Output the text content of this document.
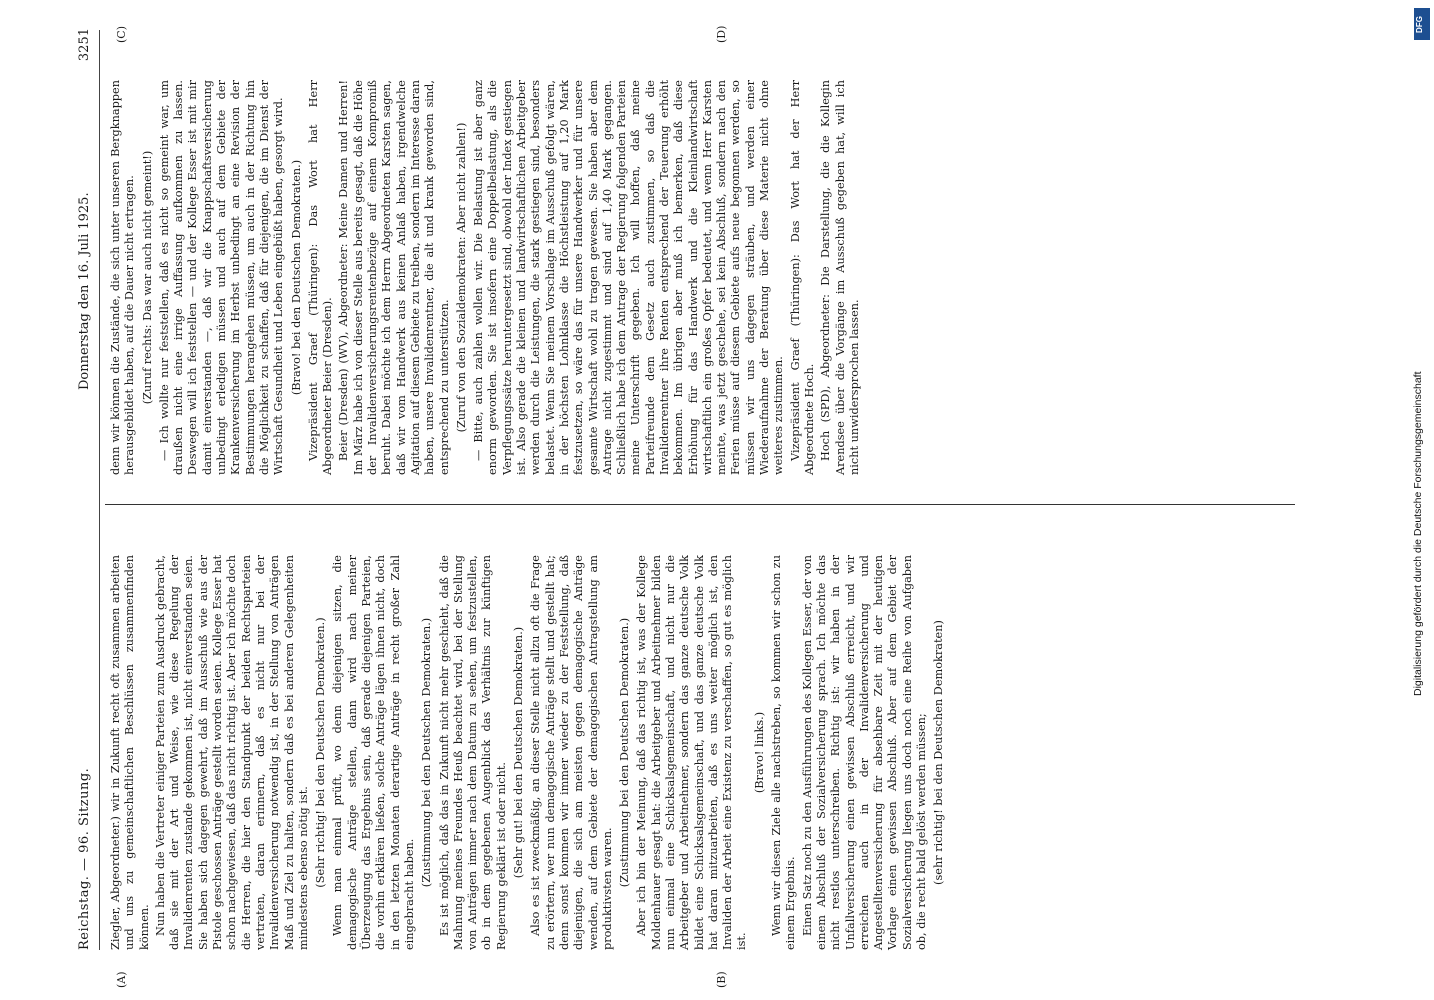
Reichstag. — 96. Sitzung.
Donnerstag den 16. Juli 1925.
3251
(A)	(B)
(C)	(D)

Ziegler, Abgeordneter.) wir in Zukunft recht oft zusammen arbeiten und uns zu gemeinschaftlichen Beschlüssen zusammenfinden können. Nun haben die Vertreter einiger Parteien zum Ausdruck gebracht, daß sie mit der Art und Weise, wie diese Regelung der Invalidenrenten zustande gekommen ist, nicht einverstanden seien. Sie haben sich dagegen gewehrt, daß im Ausschuß wie aus der Pistole geschossen Anträge gestellt worden seien. Kollege Esser hat schon nachgewiesen, daß das nicht richtig ist. Aber ich möchte doch die Herren, die hier den Standpunkt der beiden Rechtsparteien vertraten, daran erinnern, daß es nicht nur bei der Invalidenversicherung notwendig ist, in der Stellung von Anträgen Maß und Ziel zu halten, sondern daß es bei anderen Gelegenheiten mindestens ebenso nötig ist. (Sehr richtig! bei den Deutschen Demokraten.) Wenn man einmal prüft, wo denn diejenigen sitzen, die demagogische Anträge stellen, dann wird nach meiner Überzeugung das Ergebnis sein, daß gerade diejenigen Parteien, die vorhin erklären ließen, solche Anträge lägen ihnen nicht, doch in den letzten Monaten derartige Anträge in recht großer Zahl eingebracht haben.

(Zustimmung bei den Deutschen Demokraten.) Es ist möglich, daß das in Zukunft nicht mehr geschieht, daß die Mahnung meines Freundes Heuß beachtet wird, bei der Stellung von Anträgen immer nach dem Datum zu sehen, um festzustellen, ob in dem gegebenen Augenblick das Verhältnis zur künftigen Regierung geklärt ist oder nicht. (Sehr gut! bei den Deutschen Demokraten.) Also es ist zweckmäßig, an dieser Stelle nicht allzu oft die Frage zu erörtern, wer nun demagogische Anträge stellt und gestellt hat; denn sonst kommen wir immer wieder zu der Feststellung, daß diejenigen, die sich am meisten gegen demagogische Anträge wenden, auf dem Gebiete der demagogischen Antragstellung am produktivsten waren.

(Zustimmung bei den Deutschen Demokraten.) Aber ich bin der Meinung, daß das richtig ist, was der Kollege Moldenhauer gesagt hat: die Arbeitgeber und Arbeitnehmer bilden nun einmal eine Schicksalsgemeinschaft, und nicht nur die Arbeitgeber und Arbeitnehmer, sondern das ganze deutsche Volk bildet eine Schicksalsgemeinschaft, und das ganze deutsche Volk hat daran mitzuarbeiten, daß es uns weiter möglich ist, den Invaliden der Arbeit eine Existenz zu verschaffen, so gut es möglich ist.

(Bravo! links.) Wenn wir diesen Ziele alle nachstreben, so kommen wir schon zu einem Ergebnis. Einen Satz noch zu den Ausführungen des Kollegen Esser, der von einem Abschluß der Sozialversicherung sprach. Ich möchte das nicht restlos unterschreiben. Richtig ist: wir haben in der Unfallversicherung einen gewissen Abschluß erreicht, und wir erreichen auch in der Invalidenversicherung und Angestelltenversicherung für absehbare Zeit mit der heutigen Vorlage einen gewissen Abschluß. Aber auf dem Gebiet der Sozialversicherung liegen uns doch noch eine Reihe von Aufgaben ob, die recht bald gelöst werden müssen; (sehr richtig! bei den Deutschen Demokraten)

denn wir können die Zustände, die sich unter unseren Bergknappen herausgebildet haben, auf die Dauer nicht ertragen. (Zuruf rechts: Das war auch nicht gemeint!) — Ich wollte nur feststellen, daß es nicht so gemeint war, um draußen nicht eine irrige Auffassung aufkommen zu lassen. Deswegen will ich feststellen — und der Kollege Esser ist mit mir damit einverstanden —, daß wir die Knappschaftsversicherung unbedingt erledigen müssen und auch auf dem Gebiete der Krankenversicherung im Herbst unbedingt an eine Revision der Bestimmungen herangehen müssen, um auch in der Richtung hin die Möglichkeit zu schaffen, daß für diejenigen, die im Dienst der Wirtschaft Gesundheit und Leben eingebüßt haben, gesorgt wird. (Bravo! bei den Deutschen Demokraten.) Vizepräsident Graef (Thüringen): Das Wort hat Herr Abgeordneter Beier (Dresden). Beier (Dresden) (WV), Abgeordneter: Meine Damen und Herren! Im März habe ich von dieser Stelle aus bereits gesagt, daß die Höhe der Invalidenversicherungsrentenbezüge auf einem Kompromiß beruht. Dabei möchte ich dem Herrn Abgeordneten Karsten sagen, daß wir vom Handwerk aus keinen Anlaß haben, irgendwelche Agitation auf diesem Gebiete zu treiben, sondern im Interesse daran haben, unsere Invalidenrentner, die alt und krank geworden sind, entsprechend zu unterstützen. (Zuruf von den Sozialdemokraten: Aber nicht zahlen!) — Bitte, auch zahlen wollen wir. Die Belastung ist aber ganz enorm geworden. Sie ist insofern eine Doppelbelastung, als die Verpflegungssätze heruntergesetzt sind, obwohl der Index gestiegen ist. Also gerade die kleinen und landwirtschaftlichen Arbeitgeber werden durch die Leistungen, die stark gestiegen sind, besonders belastet. Wenn Sie meinem Vorschlage im Ausschuß gefolgt wären, in der höchsten Lohnklasse die Höchstleistung auf 1,20 Mark festzusetzen, so wäre das für unsere Handwerker und für unsere gesamte Wirtschaft wohl zu tragen gewesen. Sie haben aber dem Antrage nicht zugestimmt und sind auf 1,40 Mark gegangen. Schließlich habe ich dem Antrage der Regierung folgenden Parteien meine Unterschrift gegeben. Ich will hoffen, daß meine Parteifreunde dem Gesetz auch zustimmen, so daß die Invalidenrentner ihre Renten entsprechend der Teuerung erhöht bekommen. Im übrigen aber muß ich bemerken, daß diese Erhöhung für das Handwerk und die Kleinlandwirtschaft wirtschaftlich ein großes Opfer bedeutet, und wenn Herr Karsten meinte, was jetzt geschehe, sei kein Abschluß, sondern nach den Ferien müsse auf diesem Gebiete aufs neue begonnen werden, so müssen wir uns dagegen sträuben, und werden einer Wiederaufnahme der Beratung über diese Materie nicht ohne weiteres zustimmen. Vizepräsident Graef (Thüringen): Das Wort hat der Herr Abgeordnete Hoch. Hoch (SPD), Abgeordneter: Die Darstellung, die die Kollegin Arendsee über die Vorgänge im Ausschuß gegeben hat, will ich nicht unwidersprochen lassen.

DFG
Digitalisierung gefördert durch die Deutsche Forschungsgemeinschaft
